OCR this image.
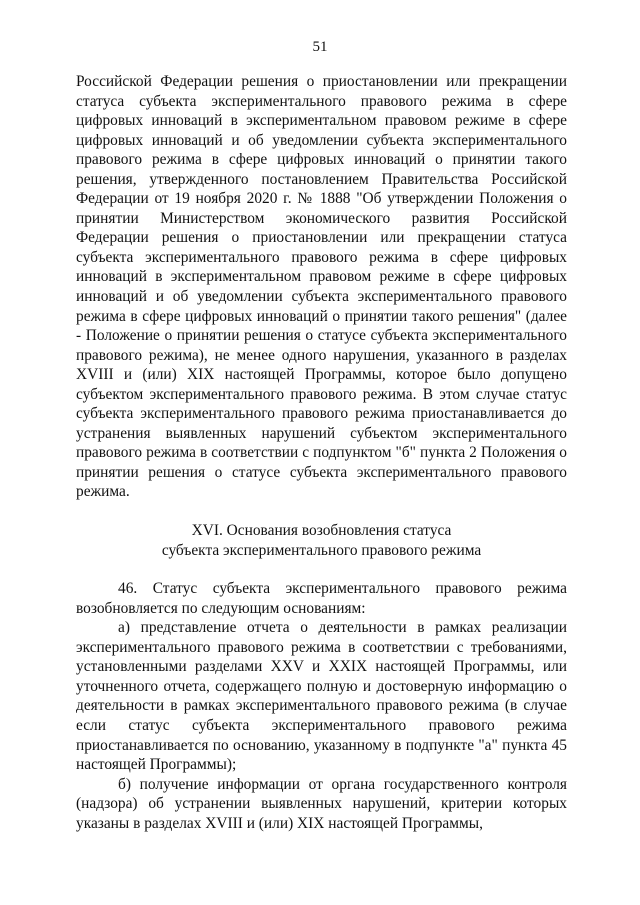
51

Российской Федерации решения о приостановлении или прекращении статуса субъекта экспериментального правового режима в сфере цифровых инноваций в экспериментальном правовом режиме в сфере цифровых инноваций и об уведомлении субъекта экспериментального правового режима в сфере цифровых инноваций о принятии такого решения, утвержденного постановлением Правительства Российской Федерации от 19 ноября 2020 г. № 1888 "Об утверждении Положения о принятии Министерством экономического развития Российской Федерации решения о приостановлении или прекращении статуса субъекта экспериментального правового режима в сфере цифровых инноваций в экспериментальном правовом режиме в сфере цифровых инноваций и об уведомлении субъекта экспериментального правового режима в сфере цифровых инноваций о принятии такого решения" (далее - Положение о принятии решения о статусе субъекта экспериментального правового режима), не менее одного нарушения, указанного в разделах XVIII и (или) XIX настоящей Программы, которое было допущено субъектом экспериментального правового режима. В этом случае статус субъекта экспериментального правового режима приостанавливается до устранения выявленных нарушений субъектом экспериментального правового режима в соответствии с подпунктом "б" пункта 2 Положения о принятии решения о статусе субъекта экспериментального правового режима.

XVI. Основания возобновления статуса
субъекта экспериментального правового режима

46. Статус субъекта экспериментального правового режима возобновляется по следующим основаниям:

а) представление отчета о деятельности в рамках реализации экспериментального правового режима в соответствии с требованиями, установленными разделами XXV и XXIX настоящей Программы, или уточненного отчета, содержащего полную и достоверную информацию о деятельности в рамках экспериментального правового режима (в случае если статус субъекта экспериментального правового режима приостанавливается по основанию, указанному в подпункте "а" пункта 45 настоящей Программы);

б) получение информации от органа государственного контроля (надзора) об устранении выявленных нарушений, критерии которых указаны в разделах XVIII и (или) XIX настоящей Программы,
